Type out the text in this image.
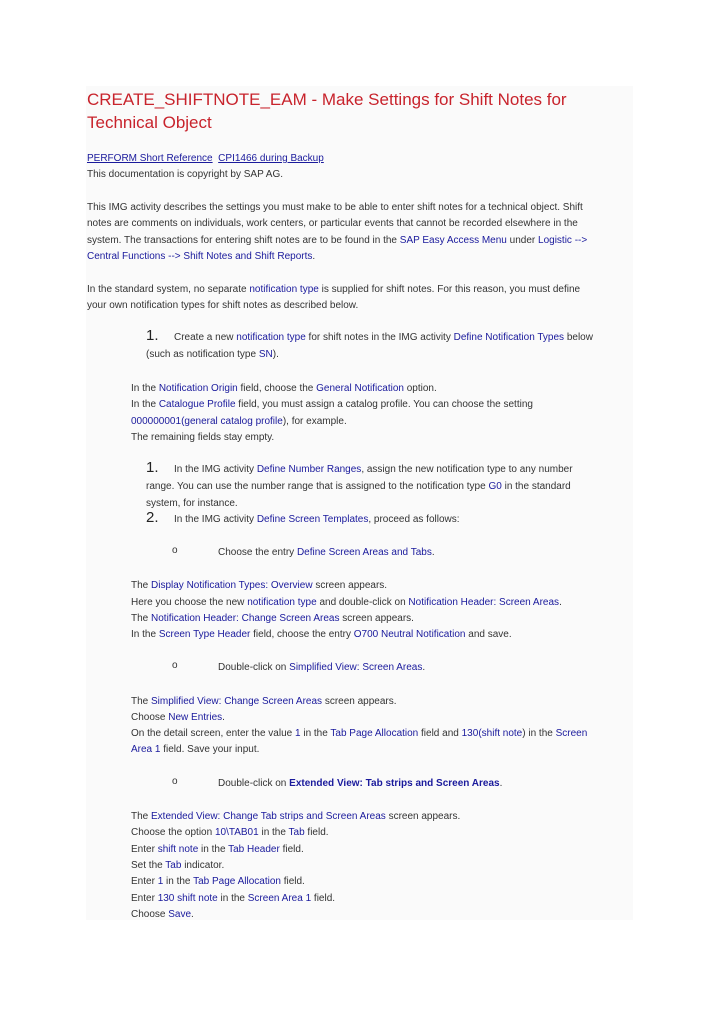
CREATE_SHIFTNOTE_EAM - Make Settings for Shift Notes for Technical Object
PERFORM Short Reference CPI1466 during Backup
This documentation is copyright by SAP AG.
This IMG activity describes the settings you must make to be able to enter shift notes for a technical object. Shift
notes are comments on individuals, work centers, or particular events that cannot be recorded elsewhere in the
system. The transactions for entering shift notes are to be found in the SAP Easy Access Menu under Logistic -->
Central Functions --> Shift Notes and Shift Reports.
In the standard system, no separate notification type is supplied for shift notes. For this reason, you must define
your own notification types for shift notes as described below.
1. Create a new notification type for shift notes in the IMG activity Define Notification Types below
(such as notification type SN).
In the Notification Origin field, choose the General Notification option.
In the Catalogue Profile field, you must assign a catalog profile. You can choose the setting
000000001(general catalog profile), for example.
The remaining fields stay empty.
1. In the IMG activity Define Number Ranges, assign the new notification type to any number
range. You can use the number range that is assigned to the notification type G0 in the standard
system, for instance.
2. In the IMG activity Define Screen Templates, proceed as follows:
o	Choose the entry Define Screen Areas and Tabs.
The Display Notification Types: Overview screen appears.
Here you choose the new notification type and double-click on Notification Header: Screen Areas.
The Notification Header: Change Screen Areas screen appears.
In the Screen Type Header field, choose the entry O700 Neutral Notification and save.
o	Double-click on Simplified View: Screen Areas.
The Simplified View: Change Screen Areas screen appears.
Choose New Entries.
On the detail screen, enter the value 1 in the Tab Page Allocation field and 130(shift note) in the Screen
Area 1 field. Save your input.
o	Double-click on Extended View: Tab strips and Screen Areas.
The Extended View: Change Tab strips and Screen Areas screen appears.
Choose the option 10\TAB01 in the Tab field.
Enter shift note in the Tab Header field.
Set the Tab indicator.
Enter 1 in the Tab Page Allocation field.
Enter 130 shift note in the Screen Area 1 field.
Choose Save.
